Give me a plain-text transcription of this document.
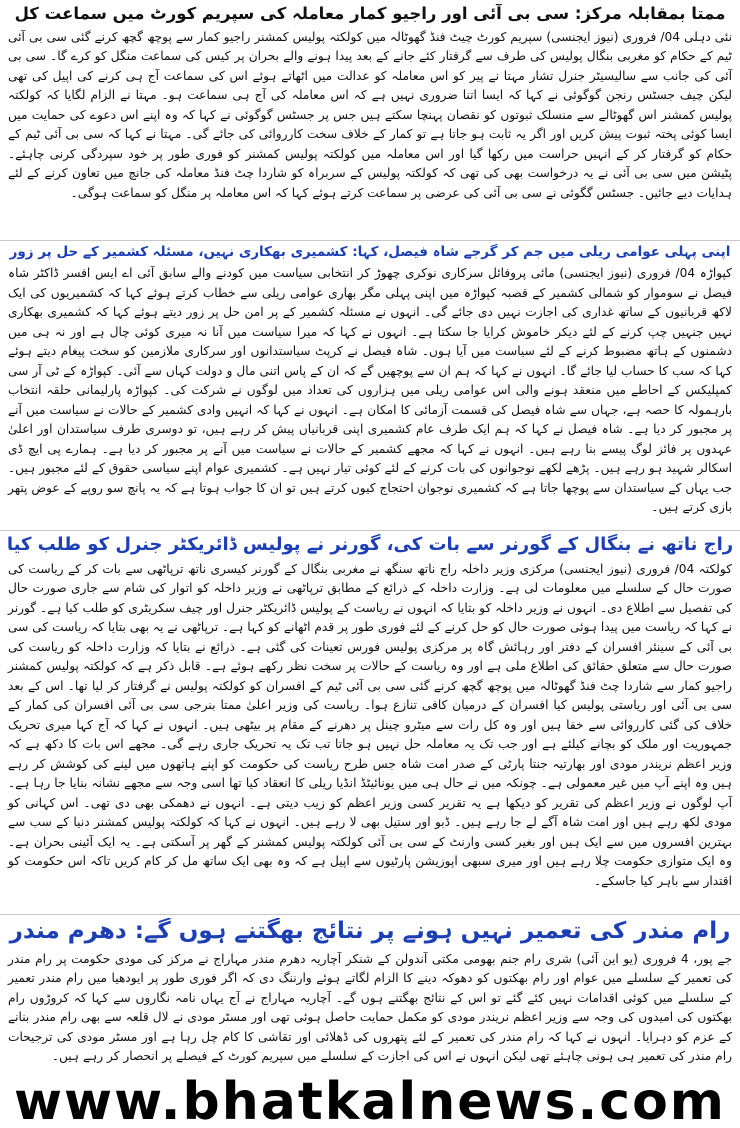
ممتا بمقابلہ مرکز: سی بی آئی اور راجیو کمار معاملہ کی سپریم کورٹ میں سماعت کل

نئی دہلی 04/ فروری (نیوز ایجنسی) سپریم کورٹ چیٹ فنڈ گھوٹالہ میں کولکتہ پولیس کمشنر راجیو کمار سے پوچھ گچھ کرنے گئی سی بی آئی ٹیم کے حکام کو مغربی بنگال پولیس کی طرف سے گرفتار کئے جانے کے بعد پیدا ہونے والے بحران پر کیس کی سماعت منگل کو کرے گا۔ سی بی آئی کی جانب سے سالیسیٹر جنرل تشار مہتا نے پیر کو اس معاملہ کو عدالت میں اٹھاتے ہوئے اس کی سماعت آج ہی کرنے کی اپیل کی تھی لیکن چیف جسٹس رنجن گوگوئی نے کہا کہ ایسا اتنا ضروری نہیں ہے کہ اس معاملہ کی آج ہی سماعت ہو۔ مہتا نے الزام لگایا کہ کولکتہ پولیس کمشنر اس گھوٹالے سے منسلک ثبوتوں کو نقصان پہنچا سکتے ہیں جس پر جسٹس گوگوئی نے کہا کہ وہ اپنے اس دعوے کی حمایت میں ایسا کوئی پختہ ثبوت پیش کریں اور اگر یہ ثابت ہو جاتا ہے تو کمار کے خلاف سخت کارروائی کی جائے گی۔ مہتا نے کہا کہ سی بی آئی ٹیم کے حکام کو گرفتار کر کے انہیں حراست میں رکھا گیا اور اس معاملہ میں کولکتہ پولیس کمشنر کو فوری طور پر خود سپردگی کرنی چاہئے۔ پٹیشن میں سی بی آئی نے یہ درخواست بھی کی تھی کہ کولکتہ پولیس کے سربراہ کو شاردا چٹ فنڈ معاملہ کی جانچ میں تعاون کرنے کے لئے ہدایات دیے جائیں۔ جسٹس گگوئی نے سی بی آئی کی عرضی پر سماعت کرتے ہوئے کہا کہ اس معاملہ پر منگل کو سماعت ہوگی۔

اپنی پہلی عوامی ریلی میں جم کر گرجے شاہ فیصل، کہا: کشمیری بھکاری نہیں، مسئلہ کشمیر کے حل پر زور

کپواڑہ 04/ فروری (نیوز ایجنسی) مائی پروفائل سرکاری نوکری چھوڑ کر انتخابی سیاست میں کودنے والے سابق آئی اے ایس افسر ڈاکٹر شاہ فیصل نے سوموار کو شمالی کشمیر کے قصبہ کپواڑہ میں اپنی پہلی مگر بھاری عوامی ریلی سے خطاب کرتے ہوئے کہا کہ کشمیریوں کی ایک لاکھ قربانیوں کے ساتھ غداری کی اجازت نہیں دی جائے گی۔ انہوں نے مسئلہ کشمیر کے پر امن حل پر زور دیتے ہوئے کہا کہ کشمیری بھکاری نہیں جنہیں چپ کرنے کے لئے دیکر خاموش کرایا جا سکتا ہے۔ انہوں نے کہا کہ میرا سیاست میں آنا نہ میری کوئی چال ہے اور نہ ہی میں دشمنوں کے ہاتھ مضبوط کرنے کے لئے سیاست میں آیا ہوں۔ شاہ فیصل نے کرپٹ سیاستدانوں اور سرکاری ملازمین کو سخت پیغام دیتے ہوئے کہا کہ سب کا حساب لیا جائے گا۔ انہوں نے کہا کہ ہم ان سے پوچھیں گے کہ ان کے پاس اتنی مال و دولت کہاں سے آئی۔ کپواڑہ کے ٹی آر سی کمپلیکس کے احاطے میں منعقد ہونے والی اس عوامی ریلی میں ہزاروں کی تعداد میں لوگوں نے شرکت کی۔ کپواڑہ پارلیمانی حلقہ انتخاب بارہمولہ کا حصہ ہے، جہاں سے شاہ فیصل کی قسمت آزمائی کا امکان ہے۔ انہوں نے کہا کہ انہیں وادی کشمیر کے حالات نے سیاست میں آنے پر مجبور کر دیا ہے۔ شاہ فیصل نے کہا کہ ہم ایک طرف عام کشمیری اپنی قربانیاں پیش کر رہے ہیں، تو دوسری طرف سیاستدان اور اعلیٰ عہدوں پر فائز لوگ پیسے بنا رہے ہیں۔ انہوں نے کہا کہ مجھے کشمیر کے حالات نے سیاست میں آنے پر مجبور کر دیا ہے۔ ہمارے پی ایچ ڈی اسکالر شہید ہو رہے ہیں۔ پڑھے لکھے نوجوانوں کی بات کرنے کے لئے کوئی تیار نہیں ہے۔ کشمیری عوام اپنے سیاسی حقوق کے لئے مجبور ہیں۔ جب یہاں کے سیاستدان سے پوچھا جاتا ہے کہ کشمیری نوجوان احتجاج کیوں کرتے ہیں تو ان کا جواب ہوتا ہے کہ یہ پانچ سو روپے کے عوض پتھر بازی کرتے ہیں۔

راج ناتھ نے بنگال کے گورنر سے بات کی، گورنر نے پولیس ڈائریکٹر جنرل کو طلب کیا

کولکتہ 04/ فروری (نیوز ایجنسی) مرکزی وزیر داخلہ راج ناتھ سنگھ نے مغربی بنگال کے گورنر کیسری ناتھ ترپاٹھی سے بات کر کے ریاست کی صورت حال کے سلسلے میں معلومات لی ہے۔ وزارت داخلہ کے ذرائع کے مطابق ترپاٹھی نے وزیر داخلہ کو اتوار کی شام سے جاری صورت حال کی تفصیل سے اطلاع دی۔ انہوں نے وزیر داخلہ کو بتایا کہ انہوں نے ریاست کے پولیس ڈائریکٹر جنرل اور چیف سکریٹری کو طلب کیا ہے۔ گورنر نے کہا کہ ریاست میں پیدا ہوئی صورت حال کو حل کرنے کے لئے فوری طور پر قدم اٹھانے کو کہا ہے۔ ترپاٹھی نے یہ بھی بتایا کہ ریاست کی سی بی آئی کے سینئر افسران کے دفتر اور رہائش گاہ پر مرکزی پولیس فورس تعینات کی گئی ہے۔ ذرائع نے بتایا کہ وزارت داخلہ کو ریاست کی صورت حال سے متعلق حقائق کی اطلاع ملی ہے اور وہ ریاست کے حالات پر سخت نظر رکھے ہوئے ہے۔ قابل ذکر ہے کہ کولکتہ پولیس کمشنر راجیو کمار سے شاردا چٹ فنڈ گھوٹالہ میں پوچھ گچھ کرنے گئی سی بی آئی ٹیم کے افسران کو کولکتہ پولیس نے گرفتار کر لیا تھا۔ اس کے بعد سی بی آئی اور ریاستی پولیس کیا افسران کے درمیان کافی تنازع ہوا۔ ریاست کی وزیر اعلیٰ ممتا بنرجی سی بی آئی افسران کی کمار کے خلاف کی گئی کارروائی سے خفا ہیں اور وہ کل رات سے میٹرو چینل پر دھرنے کے مقام پر بیٹھی ہیں۔ انہوں نے کہا کہ آج کہا میری تحریک جمہوریت اور ملک کو بچانے کیلئے ہے اور جب تک یہ معاملہ حل نہیں ہو جاتا تب تک یہ تحریک جاری رہے گی۔ مجھے اس بات کا دکھ ہے کہ وزیر اعظم نریندر مودی اور بھارتیہ جنتا پارٹی کے صدر امت شاہ جس طرح ریاست کی حکومت کو اپنے ہاتھوں میں لینے کی کوشش کر رہے ہیں وہ اپنے آپ میں غیر معمولی ہے۔ چونکہ میں نے حال ہی میں یونائیٹڈ انڈیا ریلی کا انعقاد کیا تھا اسی وجہ سے مجھے نشانہ بنایا جا رہا ہے۔ آپ لوگوں نے وزیر اعظم کی تقریر کو دیکھا ہے یہ تقریر کسی وزیر اعظم کو زیب دیتی ہے۔ انہوں نے دھمکی بھی دی تھی۔ اس کہانی کو مودی لکھ رہے ہیں اور امت شاہ آگے لے جا رہے ہیں۔ ڈبو اور ستیل بھی لا رہے ہیں۔ انہوں نے کہا کہ کولکتہ پولیس کمشنر دنیا کے سب سے بہترین افسروں میں سے ایک ہیں اور بغیر کسی وارنٹ کے سی بی آئی کولکتہ پولیس کمشنر کے گھر پر آسکتی ہے۔ یہ ایک آئینی بحران ہے۔ وہ ایک متوازی حکومت چلا رہے ہیں اور میری سبھی اپوزیشن پارٹیوں سے اپیل ہے کہ وہ بھی ایک ساتھ مل کر کام کریں تاکہ اس حکومت کو اقتدار سے باہر کیا جاسکے۔

رام مندر کی تعمیر نہیں ہونے پر نتائج بھگتنے ہوں گے: دھرم مندر

جے پور، 4 فروری (یو این آئی) شری رام جنم بھومی مکتی آندولن کے شنکر آچاریہ دھرم مندر مہاراج نے مرکز کی مودی حکومت پر رام مندر کی تعمیر کے سلسلے میں عوام اور رام بھکتوں کو دھوکہ دینے کا الزام لگاتے ہوئے وارننگ دی کہ اگر فوری طور پر ایودھیا میں رام مندر تعمیر کے سلسلے میں کوئی اقدامات نہیں کئے گئے تو اس کے نتائج بھگتنے ہوں گے۔ آچاریہ مہاراج نے آج یہاں نامہ نگاروں سے کہا کہ کروڑوں رام بھکتوں کی امیدوں کی وجہ سے وزیر اعظم نریندر مودی کو مکمل حمایت حاصل ہوئی تھی اور مسٹر مودی نے لال قلعہ سے بھی رام مندر بنانے کے عزم کو دہرایا۔ انہوں نے کہا کہ رام مندر کی تعمیر کے لئے پتھروں کی ڈھلائی اور تقاشی کا کام چل رہا ہے اور مسٹر مودی کی ترجیحات رام مندر کی تعمیر ہی ہونی چاہئے تھی لیکن انہوں نے اس کی اجازت کے سلسلے میں سپریم کورٹ کے فیصلے پر انحصار کر رہے ہیں۔

www.bhatkalnews.com
